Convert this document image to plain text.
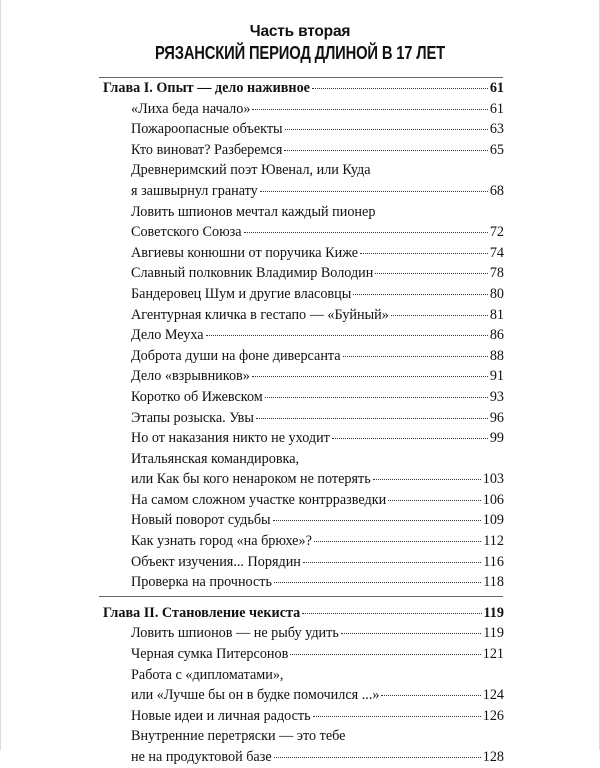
Часть вторая
РЯЗАНСКИЙ ПЕРИОД ДЛИНОЙ В 17 ЛЕТ
Глава I. Опыт — дело наживное	61
«Лиха беда начало»	61
Пожароопасные объекты	63
Кто виноват? Разберемся	65
Древнеримский поэт Ювенал, или Куда
я зашвырнул гранату	68
Ловить шпионов мечтал каждый пионер
Советского Союза	72
Авгиевы конюшни от поручика Киже	74
Славный полковник Владимир Володин	78
Бандеровец Шум и другие власовцы	80
Агентурная кличка в гестапо — «Буйный»	81
Дело Меуха	86
Доброта души на фоне диверсанта	88
Дело «взрывников»	91
Коротко об Ижевском	93
Этапы розыска. Увы	96
Но от наказания никто не уходит	99
Итальянская командировка,
или Как бы кого ненароком не потерять	103
На самом сложном участке контрразведки	106
Новый поворот судьбы	109
Как узнать город «на брюхе»?	112
Объект изучения... Порядин	116
Проверка на прочность	118
Глава II. Становление чекиста	119
Ловить шпионов — не рыбу удить	119
Черная сумка Питерсонов	121
Работа с «дипломатами»,
или «Лучше бы он в будке помочился ...»	124
Новые идеи и личная радость	126
Внутренние перетряски — это тебе
не на продуктовой базе	128
